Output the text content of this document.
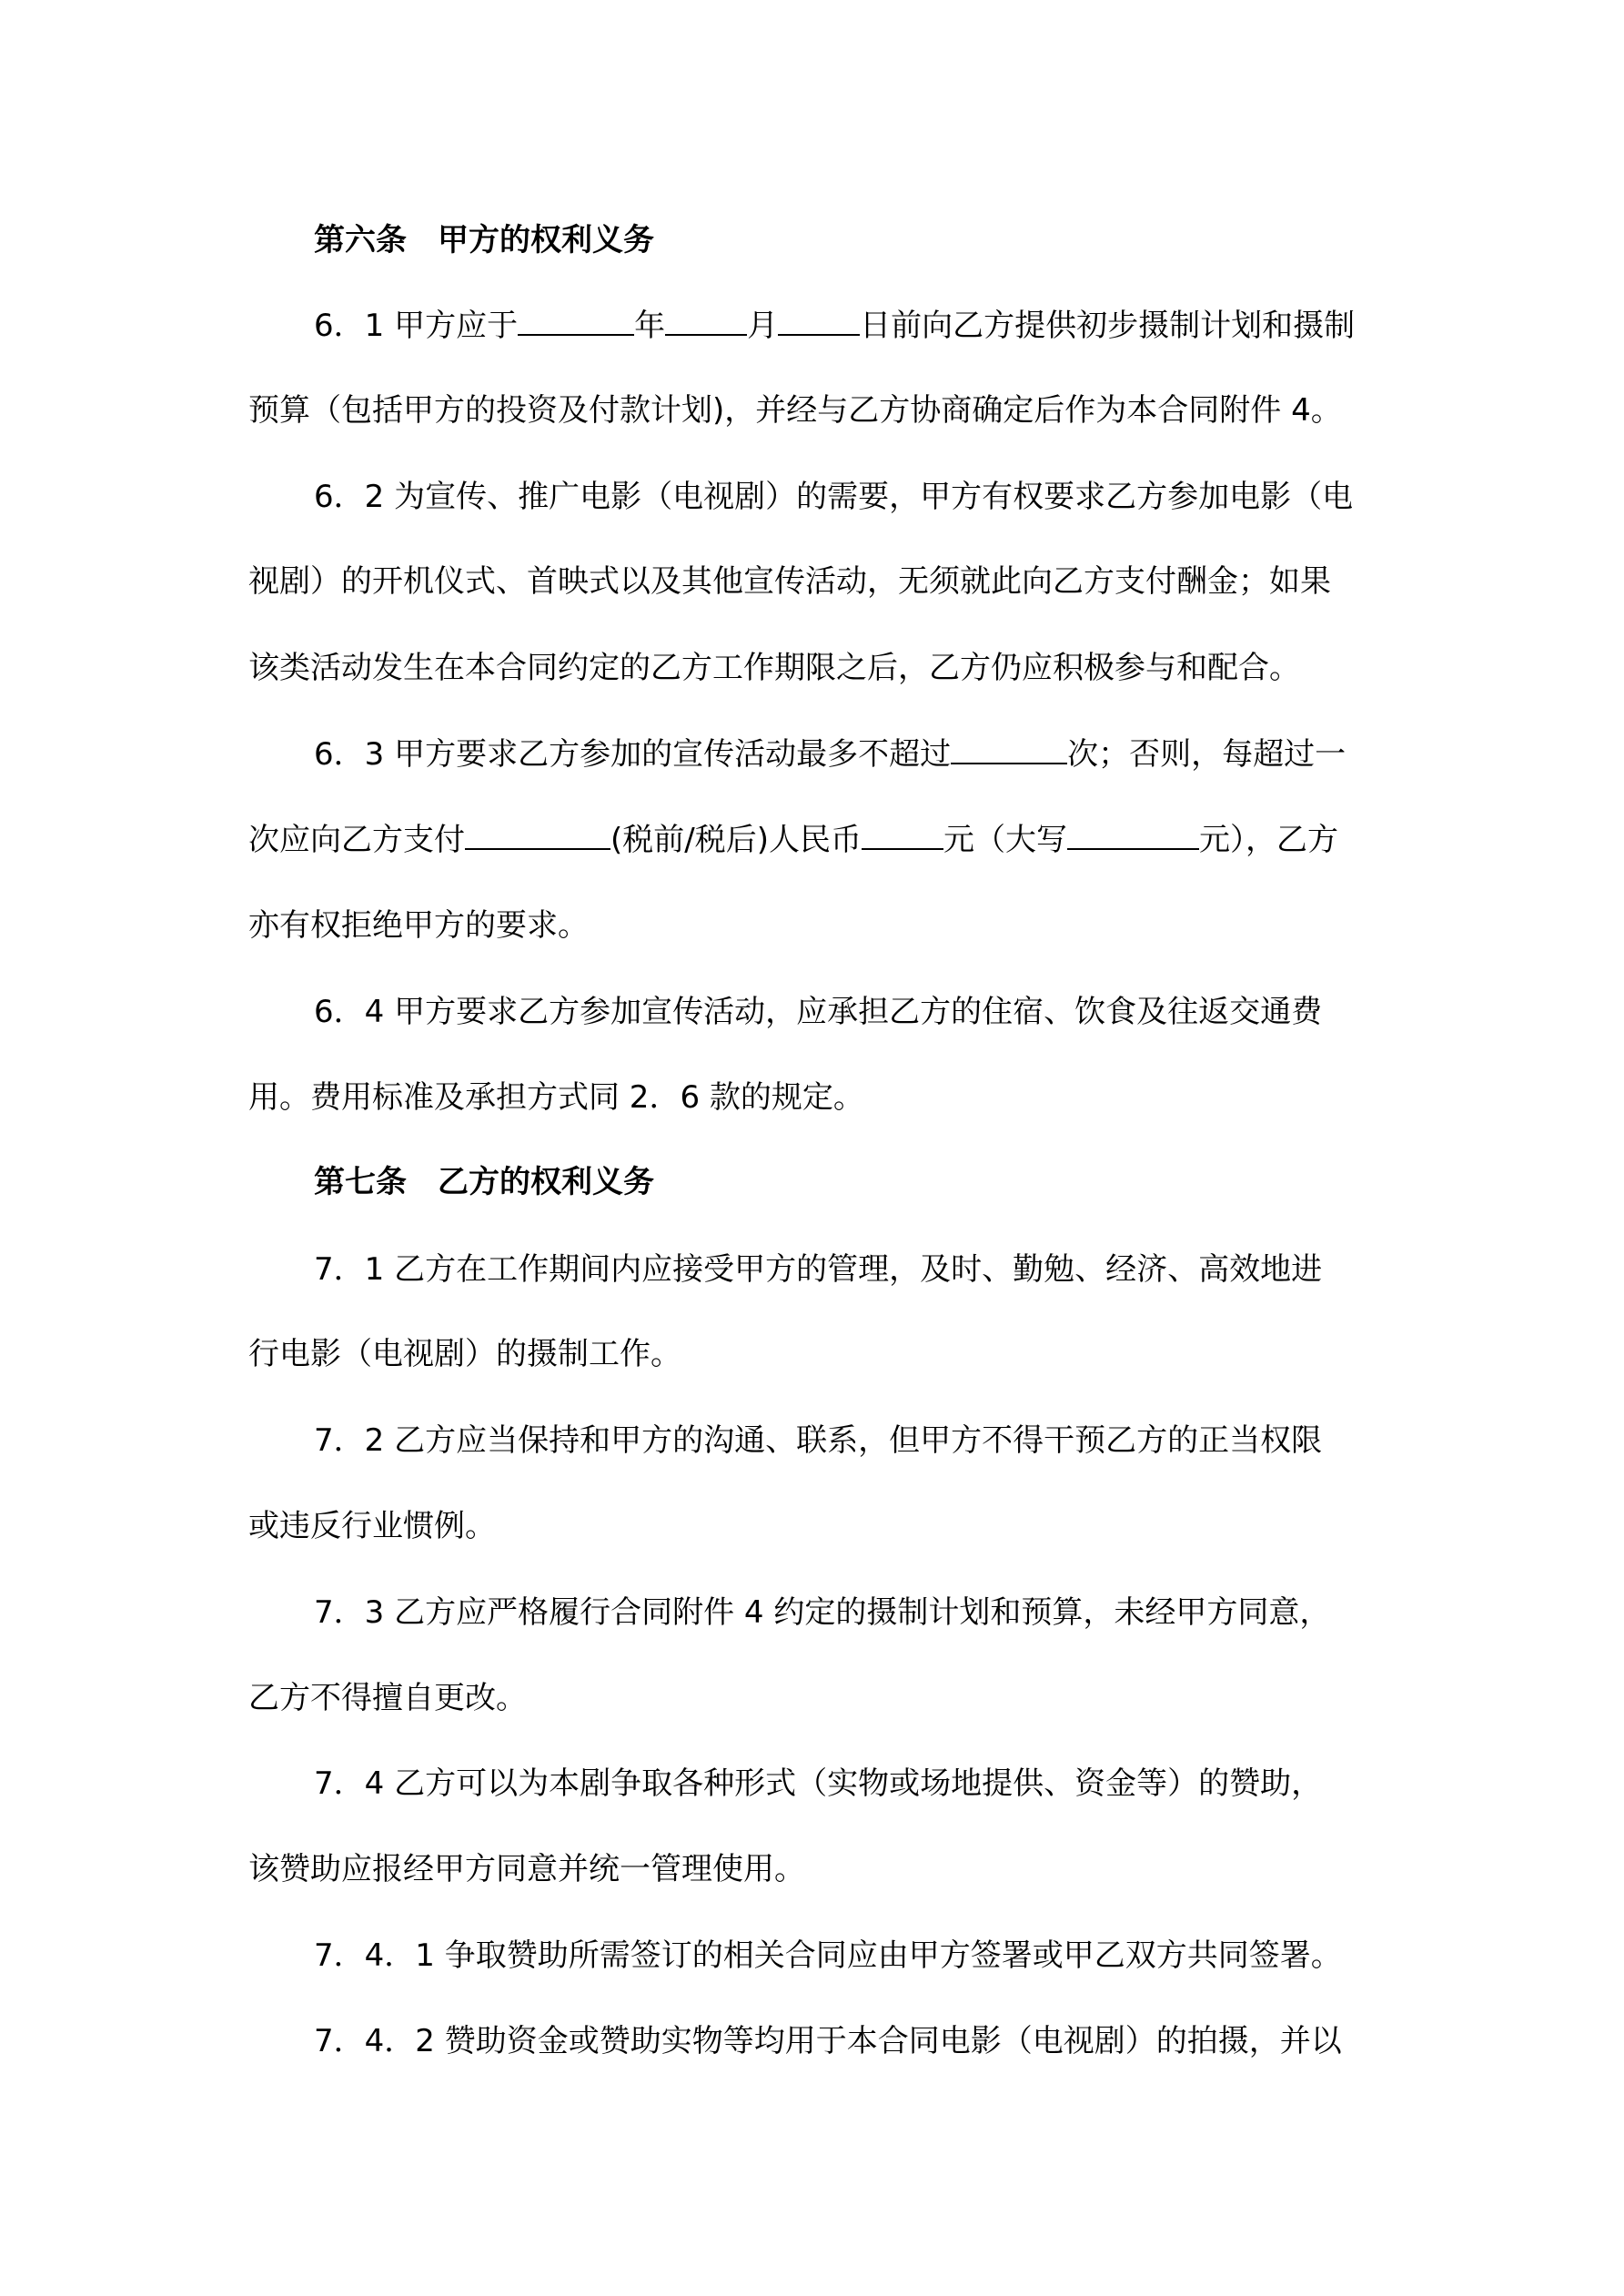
第六条　甲方的权利义务
6．1 甲方应于	年	月	日前向乙方提供初步摄制计划和摄制
预算（包括甲方的投资及付款计划)，并经与乙方协商确定后作为本合同附件 4。
6．2 为宣传、推广电影（电视剧）的需要，甲方有权要求乙方参加电影（电
视剧）的开机仪式、首映式以及其他宣传活动，无须就此向乙方支付酬金；如果
该类活动发生在本合同约定的乙方工作期限之后，乙方仍应积极参与和配合。
6．3 甲方要求乙方参加的宣传活动最多不超过	次；否则，每超过一
次应向乙方支付	(税前/税后)人民币	元（大写	元），乙方
亦有权拒绝甲方的要求。
6．4 甲方要求乙方参加宣传活动，应承担乙方的住宿、饮食及往返交通费
用。费用标准及承担方式同 2．6 款的规定。
第七条　乙方的权利义务
7．1 乙方在工作期间内应接受甲方的管理，及时、勤勉、经济、高效地进
行电影（电视剧）的摄制工作。
7．2 乙方应当保持和甲方的沟通、联系，但甲方不得干预乙方的正当权限
或违反行业惯例。
7．3 乙方应严格履行合同附件 4 约定的摄制计划和预算，未经甲方同意，
乙方不得擅自更改。
7．4 乙方可以为本剧争取各种形式（实物或场地提供、资金等）的赞助，
该赞助应报经甲方同意并统一管理使用。
7．4．1 争取赞助所需签订的相关合同应由甲方签署或甲乙双方共同签署。
7．4．2 赞助资金或赞助实物等均用于本合同电影（电视剧）的拍摄，并以
